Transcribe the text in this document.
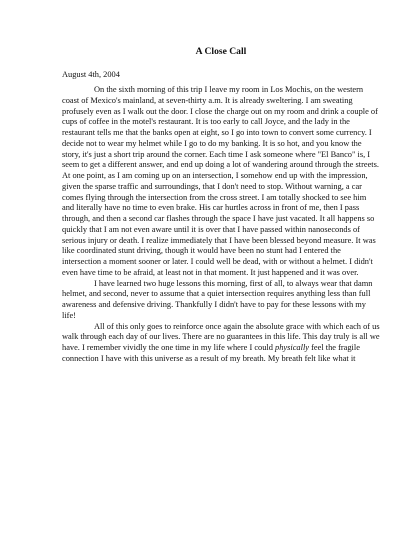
A Close Call

August 4th, 2004

On the sixth morning of this trip I leave my room in Los Mochis, on the western coast of Mexico's mainland, at seven-thirty a.m. It is already sweltering. I am sweating profusely even as I walk out the door. I close the charge out on my room and drink a couple of cups of coffee in the motel's restaurant. It is too early to call Joyce, and the lady in the restaurant tells me that the banks open at eight, so I go into town to convert some currency. I decide not to wear my helmet while I go to do my banking. It is so hot, and you know the story, it's just a short trip around the corner. Each time I ask someone where "El Banco" is, I seem to get a different answer, and end up doing a lot of wandering around through the streets. At one point, as I am coming up on an intersection, I somehow end up with the impression, given the sparse traffic and surroundings, that I don't need to stop. Without warning, a car comes flying through the intersection from the cross street. I am totally shocked to see him and literally have no time to even brake. His car hurtles across in front of me, then I pass through, and then a second car flashes through the space I have just vacated. It all happens so quickly that I am not even aware until it is over that I have passed within nanoseconds of serious injury or death. I realize immediately that I have been blessed beyond measure. It was like coordinated stunt driving, though it would have been no stunt had I entered the intersection a moment sooner or later. I could well be dead, with or without a helmet. I didn't even have time to be afraid, at least not in that moment. It just happened and it was over.

I have learned two huge lessons this morning, first of all, to always wear that damn helmet, and second, never to assume that a quiet intersection requires anything less than full awareness and defensive driving. Thankfully I didn't have to pay for these lessons with my life!

All of this only goes to reinforce once again the absolute grace with which each of us walk through each day of our lives. There are no guarantees in this life. This day truly is all we have. I remember vividly the one time in my life where I could physically feel the fragile connection I have with this universe as a result of my breath. My breath felt like what it
